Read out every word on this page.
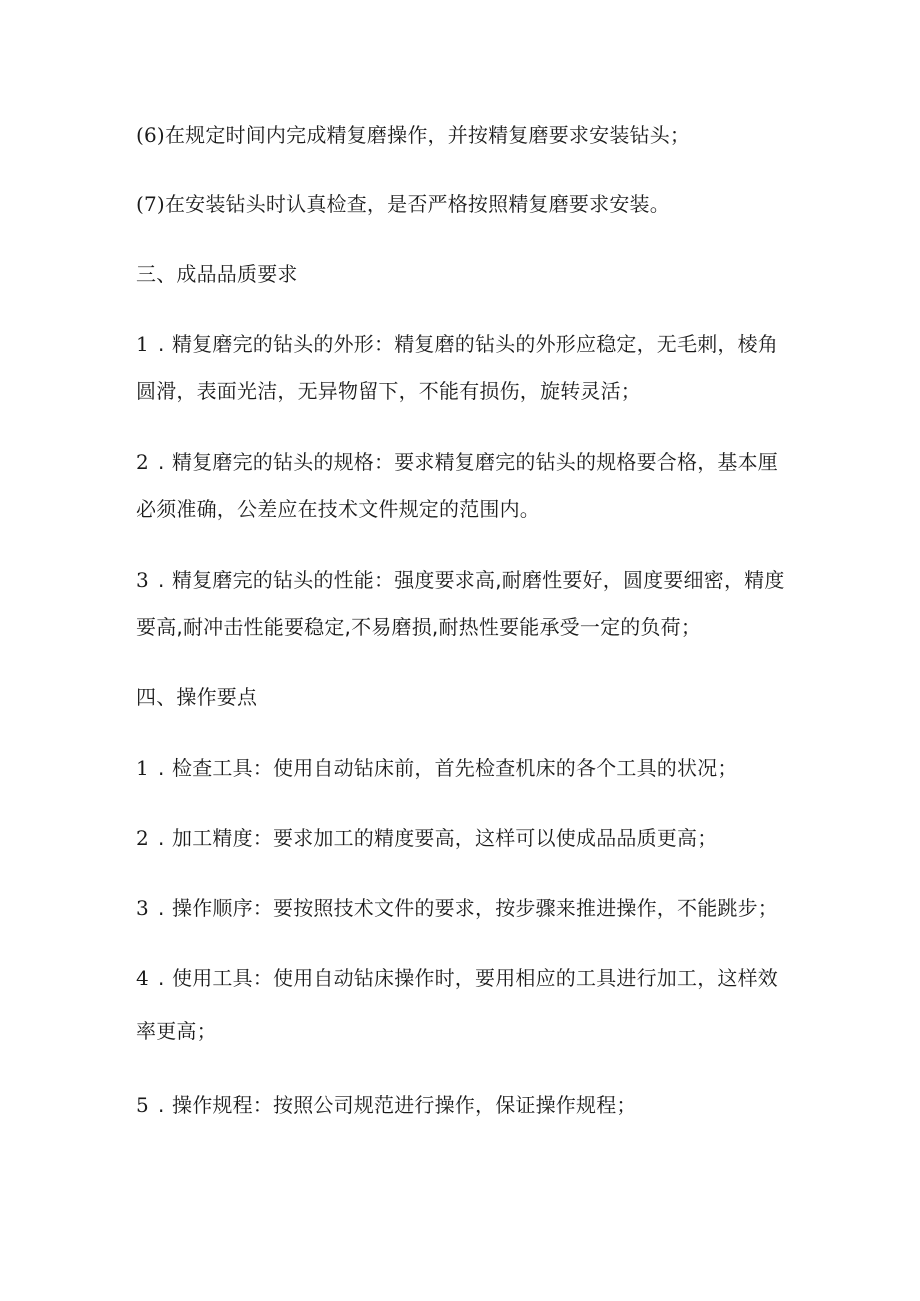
(6)在规定时间内完成精复磨操作，并按精复磨要求安装钻头；
(7)在安装钻头时认真检查，是否严格按照精复磨要求安装。
三、成品品质要求
1 . 精复磨完的钻头的外形：精复磨的钻头的外形应稳定，无毛刺，棱角
圆滑，表面光洁，无异物留下，不能有损伤，旋转灵活；
2 . 精复磨完的钻头的规格：要求精复磨完的钻头的规格要合格，基本厘
必须准确，公差应在技术文件规定的范围内。
3 . 精复磨完的钻头的性能：强度要求高,耐磨性要好，圆度要细密，精度
要高,耐冲击性能要稳定,不易磨损,耐热性要能承受一定的负荷；
四、操作要点
1 . 检查工具：使用自动钻床前，首先检查机床的各个工具的状况；
2 . 加工精度：要求加工的精度要高，这样可以使成品品质更高；
3 . 操作顺序：要按照技术文件的要求，按步骤来推进操作，不能跳步；
4 . 使用工具：使用自动钻床操作时，要用相应的工具进行加工，这样效
率更高；
5 . 操作规程：按照公司规范进行操作，保证操作规程；
